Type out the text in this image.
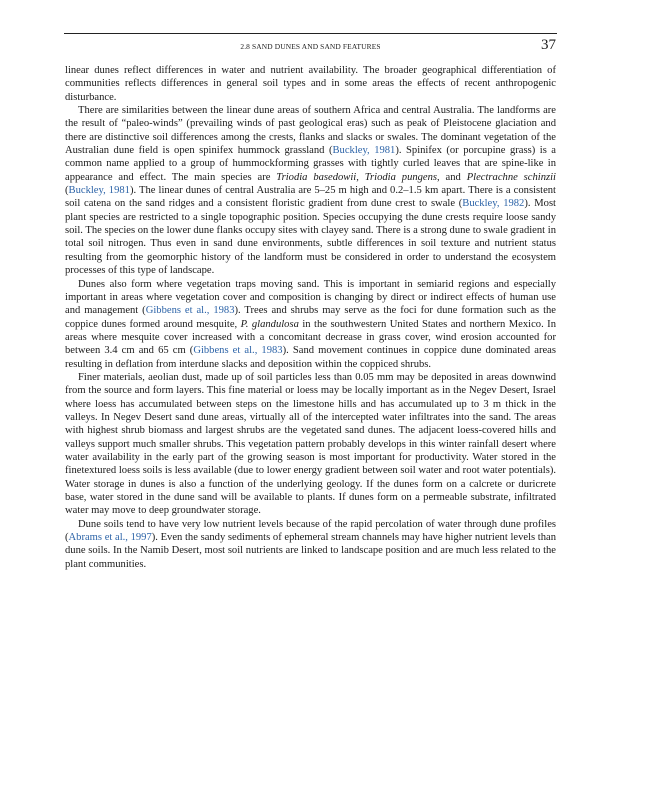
2.8 SAND DUNES AND SAND FEATURES	37

linear dunes reflect differences in water and nutrient availability. The broader geographical differentiation of communities reflects differences in general soil types and in some areas the effects of recent anthropogenic disturbance.

There are similarities between the linear dune areas of southern Africa and central Australia. The landforms are the result of “paleo-winds” (prevailing winds of past geological eras) such as peak of Pleistocene glaciation and there are distinctive soil differences among the crests, flanks and slacks or swales. The dominant vegetation of the Australian dune field is open spinifex hummock grassland (Buckley, 1981). Spinifex (or porcupine grass) is a common name applied to a group of hummockforming grasses with tightly curled leaves that are spine-like in appearance and effect. The main species are Triodia basedowii, Triodia pungens, and Plectrachne schinzii (Buckley, 1981). The linear dunes of central Australia are 5–25 m high and 0.2–1.5 km apart. There is a consistent soil catena on the sand ridges and a consistent floristic gradient from dune crest to swale (Buckley, 1982). Most plant species are restricted to a single topographic position. Species occupying the dune crests require loose sandy soil. The species on the lower dune flanks occupy sites with clayey sand. There is a strong dune to swale gradient in total soil nitrogen. Thus even in sand dune environments, subtle differences in soil texture and nutrient status resulting from the geomorphic history of the landform must be considered in order to understand the ecosystem processes of this type of landscape.

Dunes also form where vegetation traps moving sand. This is important in semiarid regions and especially important in areas where vegetation cover and composition is changing by direct or indirect effects of human use and management (Gibbens et al., 1983). Trees and shrubs may serve as the foci for dune formation such as the coppice dunes formed around mesquite, P. glandulosa in the southwestern United States and northern Mexico. In areas where mesquite cover increased with a concomitant decrease in grass cover, wind erosion accounted for between 3.4 cm and 65 cm (Gibbens et al., 1983). Sand movement continues in coppice dune dominated areas resulting in deflation from interdune slacks and deposition within the coppiced shrubs.

Finer materials, aeolian dust, made up of soil particles less than 0.05 mm may be deposited in areas downwind from the source and form layers. This fine material or loess may be locally important as in the Negev Desert, Israel where loess has accumulated between steps on the limestone hills and has accumulated up to 3 m thick in the valleys. In Negev Desert sand dune areas, virtually all of the intercepted water infiltrates into the sand. The areas with highest shrub biomass and largest shrubs are the vegetated sand dunes. The adjacent loess-covered hills and valleys support much smaller shrubs. This vegetation pattern probably develops in this winter rainfall desert where water availability in the early part of the growing season is most important for productivity. Water stored in the finetextured loess soils is less available (due to lower energy gradient between soil water and root water potentials). Water storage in dunes is also a function of the underlying geology. If the dunes form on a calcrete or duricrete base, water stored in the dune sand will be available to plants. If dunes form on a permeable substrate, infiltrated water may move to deep groundwater storage.

Dune soils tend to have very low nutrient levels because of the rapid percolation of water through dune profiles (Abrams et al., 1997). Even the sandy sediments of ephemeral stream channels may have higher nutrient levels than dune soils. In the Namib Desert, most soil nutrients are linked to landscape position and are much less related to the plant communities.
